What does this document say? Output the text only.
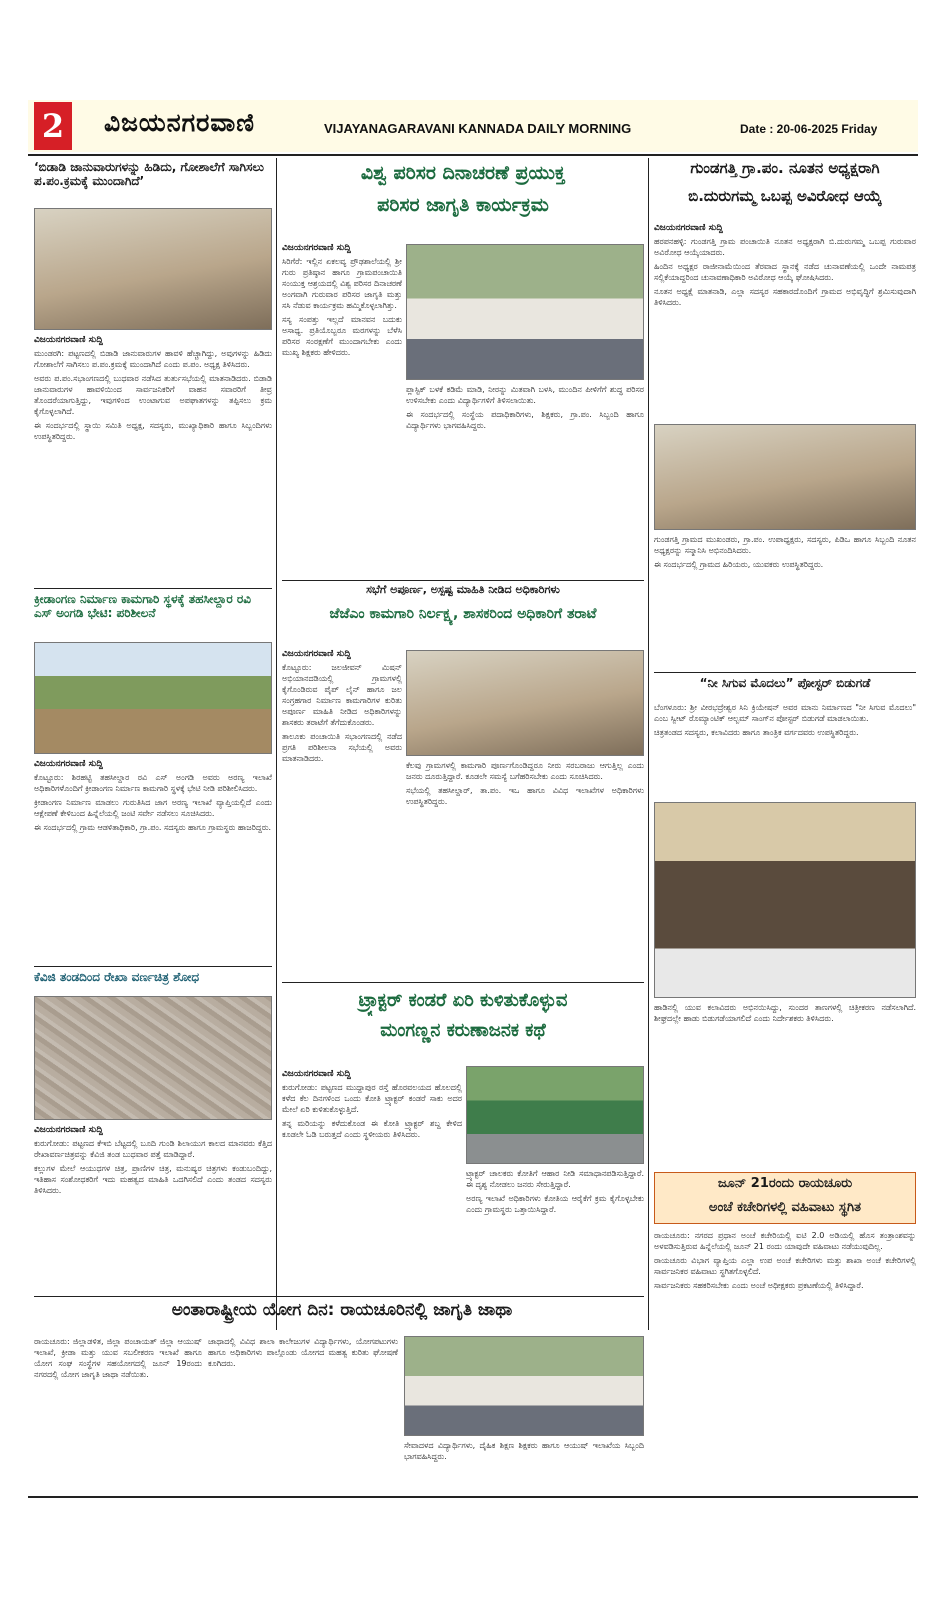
2	ವಿಜಯನಗರವಾಣಿ	VIJAYANAGARAVANI KANNADA DAILY MORNING	Date : 20-06-2025 Friday
‘ಬಿಡಾಡಿ ಜಾನುವಾರುಗಳನ್ನು ಹಿಡಿದು, ಗೋಶಾಲೆಗೆ ಸಾಗಿಸಲು ಪ.ಪಂ.ಕ್ರಮಕ್ಕೆ ಮುಂದಾಗಿದೆ’
ವಿಜಯನಗರವಾಣಿ ಸುದ್ದಿ

ಮುಂಡರಗಿ: ಪಟ್ಟಣದಲ್ಲಿ ಬಿಡಾಡಿ ಜಾನುವಾರುಗಳ ಹಾವಳಿ ಹೆಚ್ಚಾಗಿದ್ದು, ಅವುಗಳನ್ನು ಹಿಡಿದು ಗೋಶಾಲೆಗೆ ಸಾಗಿಸಲು ಪ.ಪಂ.ಕ್ರಮಕ್ಕೆ ಮುಂದಾಗಿದೆ ಎಂದು ಪ.ಪಂ. ಅಧ್ಯಕ್ಷ ತಿಳಿಸಿದರು.

ಅವರು ಪ.ಪಂ.ಸಭಾಂಗಣದಲ್ಲಿ ಬುಧವಾರ ನಡೆಸಿದ ತುರ್ತುಸಭೆಯಲ್ಲಿ ಮಾತನಾಡಿದರು. ಬಿಡಾಡಿ ಜಾನುವಾರುಗಳ ಹಾವಳಿಯಿಂದ ಸಾರ್ವಜನಿಕರಿಗೆ ವಾಹನ ಸವಾರರಿಗೆ ತೀವ್ರ ತೊಂದರೆಯಾಗುತ್ತಿದ್ದು, ಇವುಗಳಿಂದ ಉಂಟಾಗುವ ಅಪಘಾತಗಳನ್ನು ತಪ್ಪಿಸಲು ಕ್ರಮ ಕೈಗೊಳ್ಳಲಾಗಿದೆ.

ಈ ಸಂದರ್ಭದಲ್ಲಿ ಸ್ಥಾಯಿ ಸಮಿತಿ ಅಧ್ಯಕ್ಷ, ಸದಸ್ಯರು, ಮುಖ್ಯಾಧಿಕಾರಿ ಹಾಗೂ ಸಿಬ್ಬಂದಿಗಳು ಉಪಸ್ಥಿತರಿದ್ದರು.

ಕ್ರೀಡಾಂಗಣ ನಿರ್ಮಾಣ ಕಾಮಗಾರಿ ಸ್ಥಳಕ್ಕೆ ತಹಸೀಲ್ದಾರ ರವಿ ಎಸ್ ಅಂಗಡಿ ಭೇಟಿ: ಪರಿಶೀಲನೆ
ವಿಜಯನಗರವಾಣಿ ಸುದ್ದಿ

ಕೊಟ್ಟೂರು: ಶಿರಹಟ್ಟಿ ತಹಸೀಲ್ದಾರ ರವಿ ಎಸ್ ಅಂಗಡಿ ಅವರು ಅರಣ್ಯ ಇಲಾಖೆ ಅಧಿಕಾರಿಗಳೊಂದಿಗೆ ಕ್ರೀಡಾಂಗಣ ನಿರ್ಮಾಣ ಕಾಮಗಾರಿ ಸ್ಥಳಕ್ಕೆ ಭೇಟಿ ನೀಡಿ ಪರಿಶೀಲಿಸಿದರು.

ಕ್ರೀಡಾಂಗಣ ನಿರ್ಮಾಣ ಮಾಡಲು ಗುರುತಿಸಿದ ಜಾಗ ಅರಣ್ಯ ಇಲಾಖೆ ವ್ಯಾಪ್ತಿಯಲ್ಲಿದೆ ಎಂದು ಆಕ್ಷೇಪಣೆ ಕೇಳಿಬಂದ ಹಿನ್ನೆಲೆಯಲ್ಲಿ ಜಂಟಿ ಸರ್ವೇ ನಡೆಸಲು ಸೂಚಿಸಿದರು.

ಈ ಸಂದರ್ಭದಲ್ಲಿ ಗ್ರಾಮ ಆಡಳಿತಾಧಿಕಾರಿ, ಗ್ರಾ.ಪಂ. ಸದಸ್ಯರು ಹಾಗೂ ಗ್ರಾಮಸ್ಥರು ಹಾಜರಿದ್ದರು.

ಕೆವಿಜಿ ತಂಡದಿಂದ ರೇಖಾ ವರ್ಣಚಿತ್ರ ಶೋಧ
ವಿಜಯನಗರವಾಣಿ ಸುದ್ದಿ

ಕುರುಗೋಡು: ಪಟ್ಟಣದ ಕೆಇಬಿ ಬೆಟ್ಟದಲ್ಲಿ ಬೂದಿ ಗುಂಡಿ ಶಿಲಾಯುಗ ಕಾಲದ ಮಾನವರು ಕೆತ್ತಿದ ರೇಖಾವರ್ಣಚಿತ್ರವನ್ನು ಕೆವಿಜಿ ತಂಡ ಬುಧವಾರ ಪತ್ತೆ ಮಾಡಿದ್ದಾರೆ.

ಕಲ್ಲುಗಳ ಮೇಲೆ ಆಯುಧಗಳ ಚಿತ್ರ, ಪ್ರಾಣಿಗಳ ಚಿತ್ರ, ಮನುಷ್ಯರ ಚಿತ್ರಗಳು ಕಂಡುಬಂದಿದ್ದು, ಇತಿಹಾಸ ಸಂಶೋಧಕರಿಗೆ ಇದು ಮಹತ್ವದ ಮಾಹಿತಿ ಒದಗಿಸಲಿದೆ ಎಂದು ತಂಡದ ಸದಸ್ಯರು ತಿಳಿಸಿದರು.

ವಿಶ್ವ ಪರಿಸರ ದಿನಾಚರಣೆ ಪ್ರಯುಕ್ತ
ಪರಿಸರ ಜಾಗೃತಿ ಕಾರ್ಯಕ್ರಮ
ವಿಜಯನಗರವಾಣಿ ಸುದ್ದಿ

ಸಿರಿಗೆರೆ: ಇಲ್ಲಿನ ಏಕಲವ್ಯ ಪ್ರೌಢಶಾಲೆಯಲ್ಲಿ ಶ್ರೀ ಗುರು ಪ್ರತಿಷ್ಠಾನ ಹಾಗೂ ಗ್ರಾಮಪಂಚಾಯಿತಿ ಸಂಯುಕ್ತ ಆಶ್ರಯದಲ್ಲಿ ವಿಶ್ವ ಪರಿಸರ ದಿನಾಚರಣೆ ಅಂಗವಾಗಿ ಗುರುವಾರ ಪರಿಸರ ಜಾಗೃತಿ ಮತ್ತು ಸಸಿ ನೆಡುವ ಕಾರ್ಯಕ್ರಮ ಹಮ್ಮಿಕೊಳ್ಳಲಾಗಿತ್ತು.

ಸಸ್ಯ ಸಂಪತ್ತು ಇಲ್ಲದೆ ಮಾನವನ ಬದುಕು ಅಸಾಧ್ಯ. ಪ್ರತಿಯೊಬ್ಬರೂ ಮರಗಳನ್ನು ಬೆಳೆಸಿ ಪರಿಸರ ಸಂರಕ್ಷಣೆಗೆ ಮುಂದಾಗಬೇಕು ಎಂದು ಮುಖ್ಯ ಶಿಕ್ಷಕರು ಹೇಳಿದರು.

ಪ್ಲಾಸ್ಟಿಕ್ ಬಳಕೆ ಕಡಿಮೆ ಮಾಡಿ, ನೀರನ್ನು ಮಿತವಾಗಿ ಬಳಸಿ, ಮುಂದಿನ ಪೀಳಿಗೆಗೆ ಶುದ್ಧ ಪರಿಸರ ಉಳಿಸಬೇಕು ಎಂದು ವಿದ್ಯಾರ್ಥಿಗಳಿಗೆ ತಿಳಿಸಲಾಯಿತು.

ಈ ಸಂದರ್ಭದಲ್ಲಿ ಸಂಸ್ಥೆಯ ಪದಾಧಿಕಾರಿಗಳು, ಶಿಕ್ಷಕರು, ಗ್ರಾ.ಪಂ. ಸಿಬ್ಬಂದಿ ಹಾಗೂ ವಿದ್ಯಾರ್ಥಿಗಳು ಭಾಗವಹಿಸಿದ್ದರು.

ಸಭೆಗೆ ಅಪೂರ್ಣ, ಅಸ್ಪಷ್ಟ ಮಾಹಿತಿ ನೀಡಿದ ಅಧಿಕಾರಿಗಳು
ಜೆಜೆಎಂ ಕಾಮಗಾರಿ ನಿರ್ಲಕ್ಷ್ಯ, ಶಾಸಕರಿಂದ ಅಧಿಕಾರಿಗೆ ತರಾಟೆ
ವಿಜಯನಗರವಾಣಿ ಸುದ್ದಿ

ಕೊಟ್ಟೂರು: ಜಲಜೀವನ್ ಮಿಷನ್ ಅಭಿಯಾನದಡಿಯಲ್ಲಿ ಗ್ರಾಮಗಳಲ್ಲಿ ಕೈಗೊಂಡಿರುವ ಪೈಪ್ ಲೈನ್ ಹಾಗೂ ಜಲ ಸಂಗ್ರಹಗಾರ ನಿರ್ಮಾಣ ಕಾಮಗಾರಿಗಳ ಕುರಿತು ಅಪೂರ್ಣ ಮಾಹಿತಿ ನೀಡಿದ ಅಧಿಕಾರಿಗಳನ್ನು ಶಾಸಕರು ತರಾಟೆಗೆ ತೆಗೆದುಕೊಂಡರು.

ತಾಲೂಕು ಪಂಚಾಯಿತಿ ಸಭಾಂಗಣದಲ್ಲಿ ನಡೆದ ಪ್ರಗತಿ ಪರಿಶೀಲನಾ ಸಭೆಯಲ್ಲಿ ಅವರು ಮಾತನಾಡಿದರು.

ಕೆಲವು ಗ್ರಾಮಗಳಲ್ಲಿ ಕಾಮಗಾರಿ ಪೂರ್ಣಗೊಂಡಿದ್ದರೂ ನೀರು ಸರಬರಾಜು ಆಗುತ್ತಿಲ್ಲ ಎಂದು ಜನರು ದೂರುತ್ತಿದ್ದಾರೆ. ಕೂಡಲೇ ಸಮಸ್ಯೆ ಬಗೆಹರಿಸಬೇಕು ಎಂದು ಸೂಚಿಸಿದರು.

ಸಭೆಯಲ್ಲಿ ತಹಸೀಲ್ದಾರ್, ತಾ.ಪಂ. ಇಒ ಹಾಗೂ ವಿವಿಧ ಇಲಾಖೆಗಳ ಅಧಿಕಾರಿಗಳು ಉಪಸ್ಥಿತರಿದ್ದರು.

ಟ್ರ್ಯಾಕ್ಟರ್ ಕಂಡರೆ ಏರಿ ಕುಳಿತುಕೊಳ್ಳುವ
ಮಂಗಣ್ಣನ ಕರುಣಾಜನಕ ಕಥೆ
ವಿಜಯನಗರವಾಣಿ ಸುದ್ದಿ

ಕುರುಗೋಡು: ಪಟ್ಟಣದ ಮುದ್ದಾಪುರ ರಸ್ತೆ ಹೊರವಲಯದ ಹೊಲದಲ್ಲಿ ಕಳೆದ ಕೆಲ ದಿನಗಳಿಂದ ಒಂದು ಕೋತಿ ಟ್ರ್ಯಾಕ್ಟರ್ ಕಂಡರೆ ಸಾಕು ಅದರ ಮೇಲೆ ಏರಿ ಕುಳಿತುಕೊಳ್ಳುತ್ತಿದೆ.

ತನ್ನ ಮರಿಯನ್ನು ಕಳೆದುಕೊಂಡ ಈ ಕೋತಿ ಟ್ರ್ಯಾಕ್ಟರ್ ಶಬ್ದ ಕೇಳಿದ ಕೂಡಲೇ ಓಡಿ ಬರುತ್ತದೆ ಎಂದು ಸ್ಥಳೀಯರು ತಿಳಿಸಿದರು.

ಟ್ರ್ಯಾಕ್ಟರ್ ಚಾಲಕರು ಕೋತಿಗೆ ಆಹಾರ ನೀಡಿ ಸಮಾಧಾನಪಡಿಸುತ್ತಿದ್ದಾರೆ. ಈ ದೃಶ್ಯ ನೋಡಲು ಜನರು ಸೇರುತ್ತಿದ್ದಾರೆ.

ಅರಣ್ಯ ಇಲಾಖೆ ಅಧಿಕಾರಿಗಳು ಕೋತಿಯ ಆರೈಕೆಗೆ ಕ್ರಮ ಕೈಗೊಳ್ಳಬೇಕು ಎಂದು ಗ್ರಾಮಸ್ಥರು ಒತ್ತಾಯಿಸಿದ್ದಾರೆ.

ಗುಂಡಗತ್ತಿ ಗ್ರಾ.ಪಂ. ನೂತನ ಅಧ್ಯಕ್ಷರಾಗಿ
ಬಿ.ದುರುಗಮ್ಮ ಒಬಪ್ಪ ಅವಿರೋಧ ಆಯ್ಕೆ
ವಿಜಯನಗರವಾಣಿ ಸುದ್ದಿ

ಹರಪನಹಳ್ಳಿ: ಗುಂಡಗತ್ತಿ ಗ್ರಾಮ ಪಂಚಾಯಿತಿ ನೂತನ ಅಧ್ಯಕ್ಷರಾಗಿ ಬಿ.ದುರುಗಮ್ಮ ಒಬಪ್ಪ ಗುರುವಾರ ಅವಿರೋಧ ಆಯ್ಕೆಯಾದರು.

ಹಿಂದಿನ ಅಧ್ಯಕ್ಷರ ರಾಜೀನಾಮೆಯಿಂದ ತೆರವಾದ ಸ್ಥಾನಕ್ಕೆ ನಡೆದ ಚುನಾವಣೆಯಲ್ಲಿ ಒಂದೇ ನಾಮಪತ್ರ ಸಲ್ಲಿಕೆಯಾದ್ದರಿಂದ ಚುನಾವಣಾಧಿಕಾರಿ ಅವಿರೋಧ ಆಯ್ಕೆ ಘೋಷಿಸಿದರು.

ನೂತನ ಅಧ್ಯಕ್ಷೆ ಮಾತನಾಡಿ, ಎಲ್ಲಾ ಸದಸ್ಯರ ಸಹಕಾರದೊಂದಿಗೆ ಗ್ರಾಮದ ಅಭಿವೃದ್ಧಿಗೆ ಶ್ರಮಿಸುವುದಾಗಿ ತಿಳಿಸಿದರು.

ಗುಂಡಗತ್ತಿ ಗ್ರಾಮದ ಮುಖಂಡರು, ಗ್ರಾ.ಪಂ. ಉಪಾಧ್ಯಕ್ಷರು, ಸದಸ್ಯರು, ಪಿಡಿಒ ಹಾಗೂ ಸಿಬ್ಬಂದಿ ನೂತನ ಅಧ್ಯಕ್ಷರನ್ನು ಸನ್ಮಾನಿಸಿ ಅಭಿನಂದಿಸಿದರು.

ಈ ಸಂದರ್ಭದಲ್ಲಿ ಗ್ರಾಮದ ಹಿರಿಯರು, ಯುವಕರು ಉಪಸ್ಥಿತರಿದ್ದರು.

“ನೀ ಸಿಗುವ ಮೊದಲು” ಪೋಸ್ಟರ್ ಬಿಡುಗಡೆ

ಬೆಂಗಳೂರು: ಶ್ರೀ ವೀರಭದ್ರೇಶ್ವರ ಸಿನಿ ಕ್ರಿಯೇಷನ್ ಅವರ ಮಾನು ನಿರ್ಮಾಣದ "ನೀ ಸಿಗುವ ಮೊದಲು" ಎಂಬ ಸ್ವೀಟ್ ರೊಮ್ಯಾಂಟಿಕ್ ಆಲ್ಬಮ್ ಸಾಂಗ್‌ನ ಪೋಸ್ಟರ್ ಬಿಡುಗಡೆ ಮಾಡಲಾಯಿತು.

ಚಿತ್ರತಂಡದ ಸದಸ್ಯರು, ಕಲಾವಿದರು ಹಾಗೂ ತಾಂತ್ರಿಕ ವರ್ಗದವರು ಉಪಸ್ಥಿತರಿದ್ದರು.

ಹಾಡಿನಲ್ಲಿ ಯುವ ಕಲಾವಿದರು ಅಭಿನಯಿಸಿದ್ದು, ಸುಂದರ ತಾಣಗಳಲ್ಲಿ ಚಿತ್ರೀಕರಣ ನಡೆಸಲಾಗಿದೆ. ಶೀಘ್ರದಲ್ಲೇ ಹಾಡು ಬಿಡುಗಡೆಯಾಗಲಿದೆ ಎಂದು ನಿರ್ದೇಶಕರು ತಿಳಿಸಿದರು.

ಜೂನ್ 21ರಂದು ರಾಯಚೂರು
ಅಂಚೆ ಕಚೇರಿಗಳಲ್ಲಿ ವಹಿವಾಟು ಸ್ಥಗಿತ

ರಾಯಚೂರು: ನಗರದ ಪ್ರಧಾನ ಅಂಚೆ ಕಚೇರಿಯಲ್ಲಿ ಐಟಿ 2.0 ಅಡಿಯಲ್ಲಿ ಹೊಸ ತಂತ್ರಾಂಶವನ್ನು ಅಳವಡಿಸುತ್ತಿರುವ ಹಿನ್ನೆಲೆಯಲ್ಲಿ ಜೂನ್ 21 ರಂದು ಯಾವುದೇ ವಹಿವಾಟು ನಡೆಯುವುದಿಲ್ಲ.

ರಾಯಚೂರು ವಿಭಾಗ ವ್ಯಾಪ್ತಿಯ ಎಲ್ಲಾ ಉಪ ಅಂಚೆ ಕಚೇರಿಗಳು ಮತ್ತು ಶಾಖಾ ಅಂಚೆ ಕಚೇರಿಗಳಲ್ಲಿ ಸಾರ್ವಜನಿಕರ ವಹಿವಾಟು ಸ್ಥಗಿತಗೊಳ್ಳಲಿದೆ.

ಸಾರ್ವಜನಿಕರು ಸಹಕರಿಸಬೇಕು ಎಂದು ಅಂಚೆ ಅಧೀಕ್ಷಕರು ಪ್ರಕಟಣೆಯಲ್ಲಿ ತಿಳಿಸಿದ್ದಾರೆ.

ಅಂತಾರಾಷ್ಟ್ರೀಯ ಯೋಗ ದಿನ: ರಾಯಚೂರಿನಲ್ಲಿ ಜಾಗೃತಿ ಜಾಥಾ

ರಾಯಚೂರು: ಜಿಲ್ಲಾಡಳಿತ, ಜಿಲ್ಲಾ ಪಂಚಾಯತ್ ಜಿಲ್ಲಾ ಆಯುಷ್ ಇಲಾಖೆ, ಕ್ರೀಡಾ ಮತ್ತು ಯುವ ಸಬಲೀಕರಣ ಇಲಾಖೆ ಹಾಗೂ ಯೋಗ ಸಂಘ ಸಂಸ್ಥೆಗಳ ಸಹಯೋಗದಲ್ಲಿ ಜೂನ್ 19ರಂದು ನಗರದಲ್ಲಿ ಯೋಗ ಜಾಗೃತಿ ಜಾಥಾ ನಡೆಯಿತು.

ಜಾಥಾದಲ್ಲಿ ವಿವಿಧ ಶಾಲಾ ಕಾಲೇಜುಗಳ ವಿದ್ಯಾರ್ಥಿಗಳು, ಯೋಗಪಟುಗಳು ಹಾಗೂ ಅಧಿಕಾರಿಗಳು ಪಾಲ್ಗೊಂಡು ಯೋಗದ ಮಹತ್ವ ಕುರಿತು ಘೋಷಣೆ ಕೂಗಿದರು.

ಸೇವಾದಳದ ವಿದ್ಯಾರ್ಥಿಗಳು, ದೈಹಿಕ ಶಿಕ್ಷಣ ಶಿಕ್ಷಕರು ಹಾಗೂ ಆಯುಷ್ ಇಲಾಖೆಯ ಸಿಬ್ಬಂದಿ ಭಾಗವಹಿಸಿದ್ದರು.
